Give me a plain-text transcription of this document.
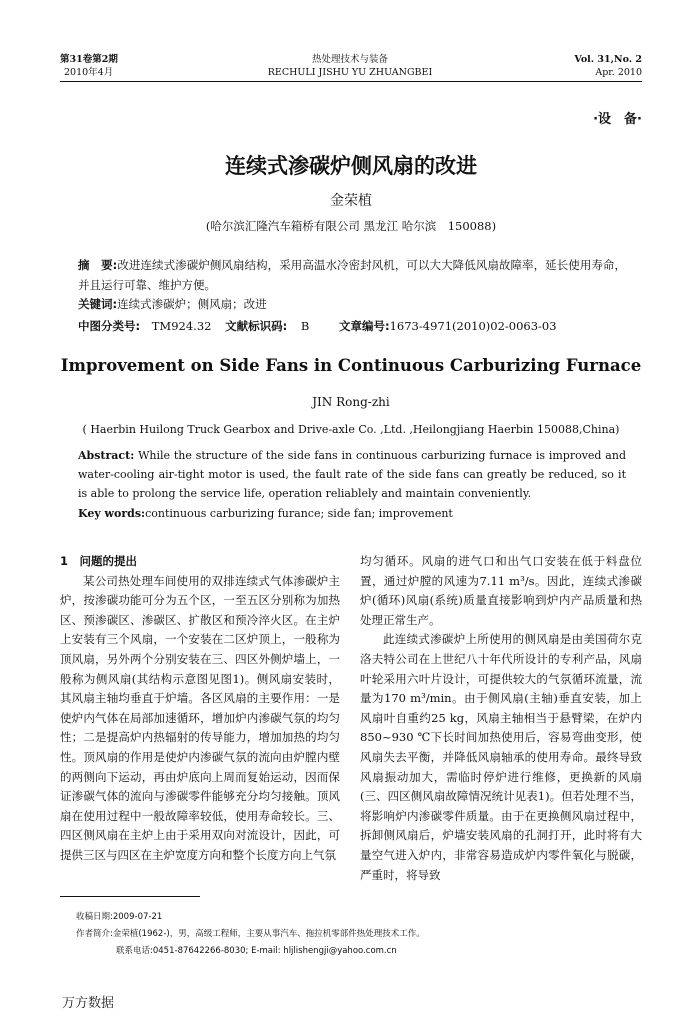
第31卷第2期
2010年4月
热处理技术与装备
RECHULI JISHU YU ZHUANGBEI
Vol. 31,No. 2
Apr. 2010
·设　备·
连续式渗碳炉侧风扇的改进
金荣植
(哈尔滨汇隆汽车箱桥有限公司 黑龙江 哈尔滨　150088)
摘　要:改进连续式渗碳炉侧风扇结构，采用高温水冷密封风机，可以大大降低风扇故障率，延长使用寿命，并且运行可靠、维护方便。
关键词:连续式渗碳炉；侧风扇；改进
中图分类号: TM924.32 文献标识码: B	文章编号:1673-4971(2010)02-0063-03
Improvement on Side Fans in Continuous Carburizing Furnace
JIN Rong-zhi
( Haerbin Huilong Truck Gearbox and Drive-axle Co. ,Ltd. ,Heilongjiang Haerbin 150088,China)
Abstract: While the structure of the side fans in continuous carburizing furnace is improved and water-cooling air-tight motor is used, the fault rate of the side fans can greatly be reduced, so it is able to prolong the service life, operation reliablely and maintain conveniently.
Key words:continuous carburizing furance; side fan; improvement
1　问题的提出

某公司热处理车间使用的双排连续式气体渗碳炉主炉，按渗碳功能可分为五个区，一至五区分别称为加热区、预渗碳区、渗碳区、扩散区和预冷淬火区。在主炉上安装有三个风扇，一个安装在二区炉顶上，一般称为顶风扇，另外两个分别安装在三、四区外侧炉墙上，一般称为侧风扇(其结构示意图见图1)。侧风扇安装时，其风扇主轴均垂直于炉墙。各区风扇的主要作用：一是使炉内气体在局部加速循环，增加炉内渗碳气氛的均匀性；二是提高炉内热辐射的传导能力，增加加热的均匀性。顶风扇的作用是使炉内渗碳气氛的流向由炉膛内壁的两侧向下运动，再由炉底向上周而复始运动，因而保证渗碳气体的流向与渗碳零件能够充分均匀接触。顶风扇在使用过程中一般故障率较低，使用寿命较长。三、四区侧风扇在主炉上由于采用双向对流设计，因此，可提供三区与四区在主炉宽度方向和整个长度方向上气氛

均匀循环。风扇的进气口和出气口安装在低于料盘位置，通过炉膛的风速为7.11 m³/s。因此，连续式渗碳炉(循环)风扇(系统)质量直接影响到炉内产品质量和热处理正常生产。

此连续式渗碳炉上所使用的侧风扇是由美国荷尔克洛夫特公司在上世纪八十年代所设计的专利产品，风扇叶轮采用六叶片设计，可提供较大的气氛循环流量，流量为170 m³/min。由于侧风扇(主轴)垂直安装，加上风扇叶自重约25 kg，风扇主轴相当于悬臂梁，在炉内850~930 ℃下长时间加热使用后，容易弯曲变形，使风扇失去平衡，并降低风扇轴承的使用寿命。最终导致风扇振动加大，需临时停炉进行维修，更换新的风扇(三、四区侧风扇故障情况统计见表1)。但若处理不当，将影响炉内渗碳零件质量。由于在更换侧风扇过程中，拆卸侧风扇后，炉墙安装风扇的孔洞打开，此时将有大量空气进入炉内，非常容易造成炉内零件氧化与脱碳，严重时，将导致

收稿日期:2009-07-21
作者简介:金荣植(1962-)，男，高级工程师，主要从事汽车、拖拉机零部件热处理技术工作。
联系电话:0451-87642266-8030; E-mail: hljlishengji@yahoo.com.cn
万方数据
